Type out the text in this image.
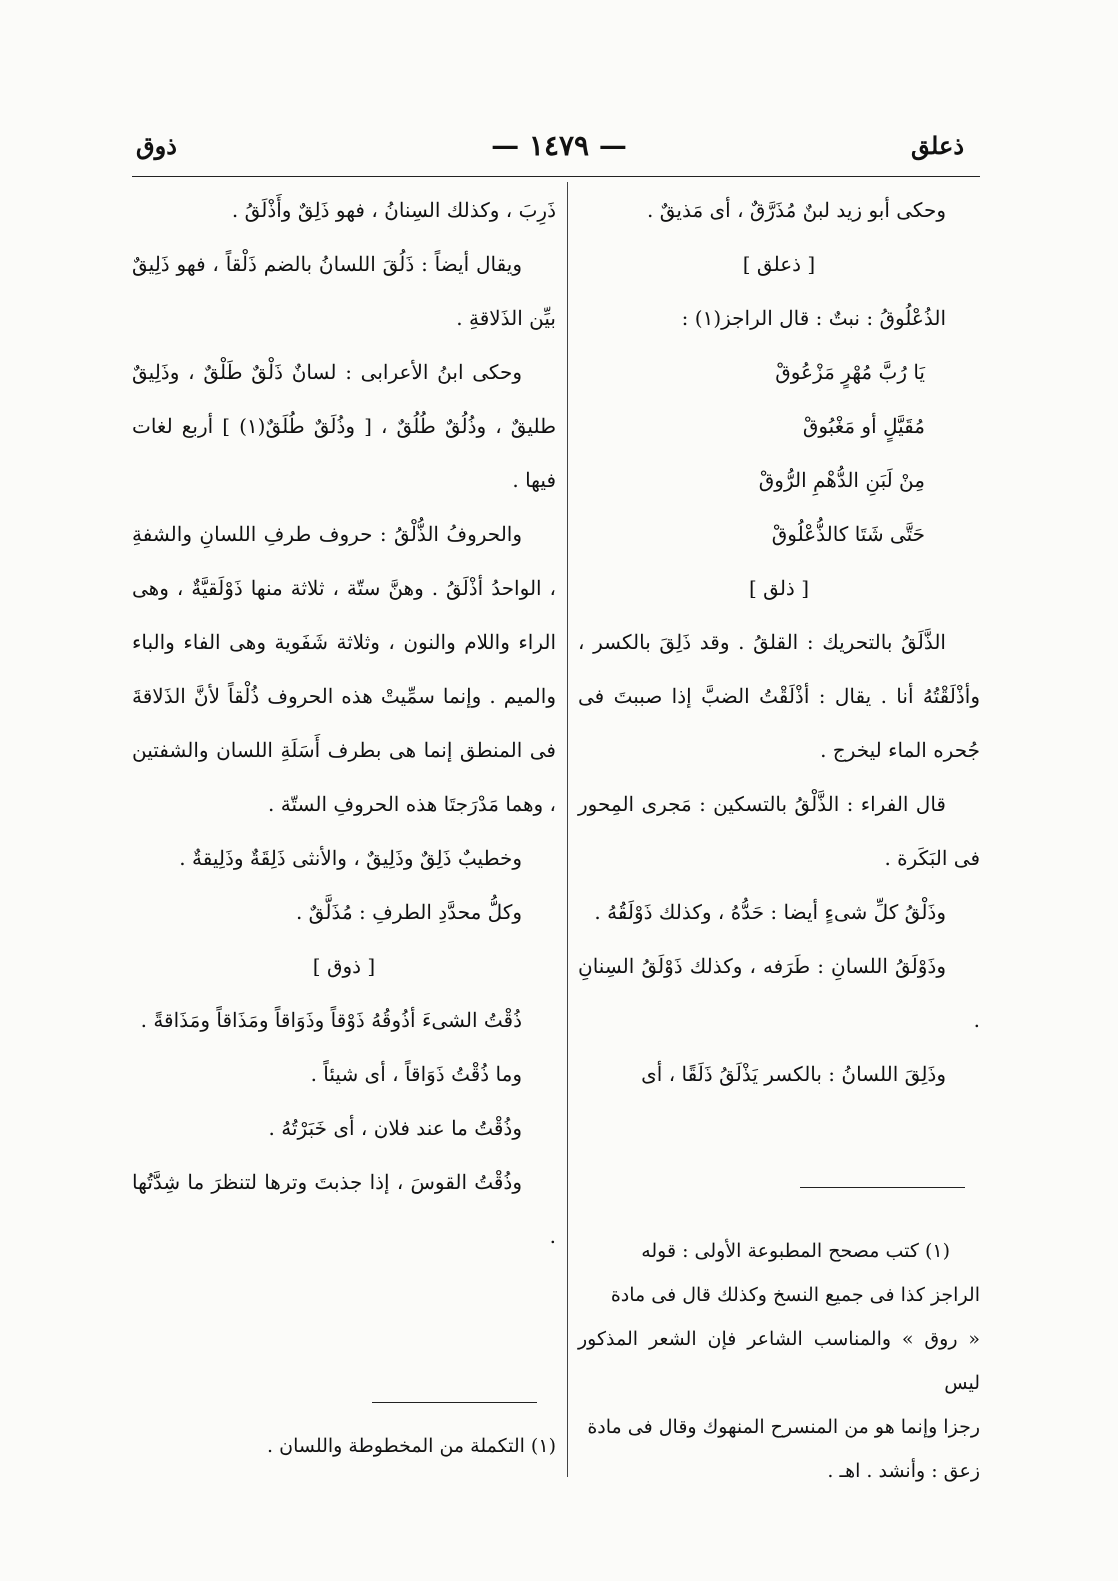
ذعلق
— ١٤٧٩ —
ذوق

وحكى أبو زيد لبنٌ مُذَرَّقٌ ، أى مَذيقٌ .

[ ذعلق ]

الذُعْلُوقُ : نبتٌ : قال الراجز(١) :

يَا رُبَّ مُهْرٍ مَزْعُوقْ

مُقَيَّلٍ أو مَغْبُوقْ

مِنْ لَبَنِ الدُّهْمِ الرُّوقْ

حَتَّى شَتَا كالذُّعْلُوقْ

[ ذلق ]

الذَّلَقُ بالتحريك : القلقُ . وقد ذَلِقَ بالكسر ، وأذْلَقْتُهُ أنا . يقال : أذْلَقْتُ الضبَّ إذا صببتَ فى جُحره الماء ليخرج .

قال الفراء : الذَّلْقُ بالتسكين : مَجرى المِحور فى البَكَرة .

وذَلْقُ كلِّ شىءٍ أيضا : حَدُّهُ ، وكذلك ذَوْلَقُهُ .

وذَوْلَقُ اللسانِ : طَرَفه ، وكذلك ذَوْلَقُ السِنانِ .

وذَلِقَ اللسانُ : بالكسر يَذْلَقُ ذَلَقًا ، أى

(١) كتب مصحح المطبوعة الأولى : قوله

الراجز كذا فى جميع النسخ وكذلك قال فى مادة

« روق » والمناسب الشاعر فإن الشعر المذكور ليس

رجزا وإنما هو من المنسرح المنهوك وقال فى مادة

زعق : وأنشد . اهـ .

ذَرِبَ ، وكذلك السِنانُ ، فهو ذَلِقٌ وأَذْلَقُ .

ويقال أيضاً : ذَلُقَ اللسانُ بالضم ذَلْقاً ، فهو ذَلِيقٌ بيِّن الذَلاقةِ .

وحكى ابنُ الأعرابى : لسانٌ ذَلْقٌ طَلْقٌ ، وذَلِيقٌ طليقٌ ، وذُلُقٌ طُلُقٌ ، [ وذُلَقٌ طُلَقٌ(١) ] أربع لغات فيها .

والحروفُ الذُّلْقُ : حروف طرفِ اللسانِ والشفةِ ، الواحدُ أذْلَقُ . وهنَّ ستّة ، ثلاثة منها ذَوْلَقيَّةٌ ، وهى الراء واللام والنون ، وثلاثة شَفَوية وهى الفاء والباء والميم . وإنما سمِّيتْ هذه الحروف ذُلْقاً لأنَّ الذَلاقةَ فى المنطق إنما هى بطرف أَسَلَةِ اللسان والشفتين ، وهما مَدْرَجتَا هذه الحروفِ الستّة .

وخطيبٌ ذَلِقٌ وذَلِيقٌ ، والأنثى ذَلِقَةٌ وذَلِيقةٌ .

وكلُّ محدَّدِ الطرفِ : مُذَلَّقٌ .

[ ذوق ]

ذُقْتُ الشىءَ أذُوقُهُ ذَوْقاً وذَوَاقاً ومَذَاقاً ومَذَاقةً .

وما ذُقْتُ ذَوَاقاً ، أى شيئاً .

وذُقْتُ ما عند فلان ، أى خَبَرْتُهُ .

وذُقْتُ القوسَ ، إذا جذبتَ وترها لتنظرَ ما شِدَّتُها .

(١) التكملة من المخطوطة واللسان .
